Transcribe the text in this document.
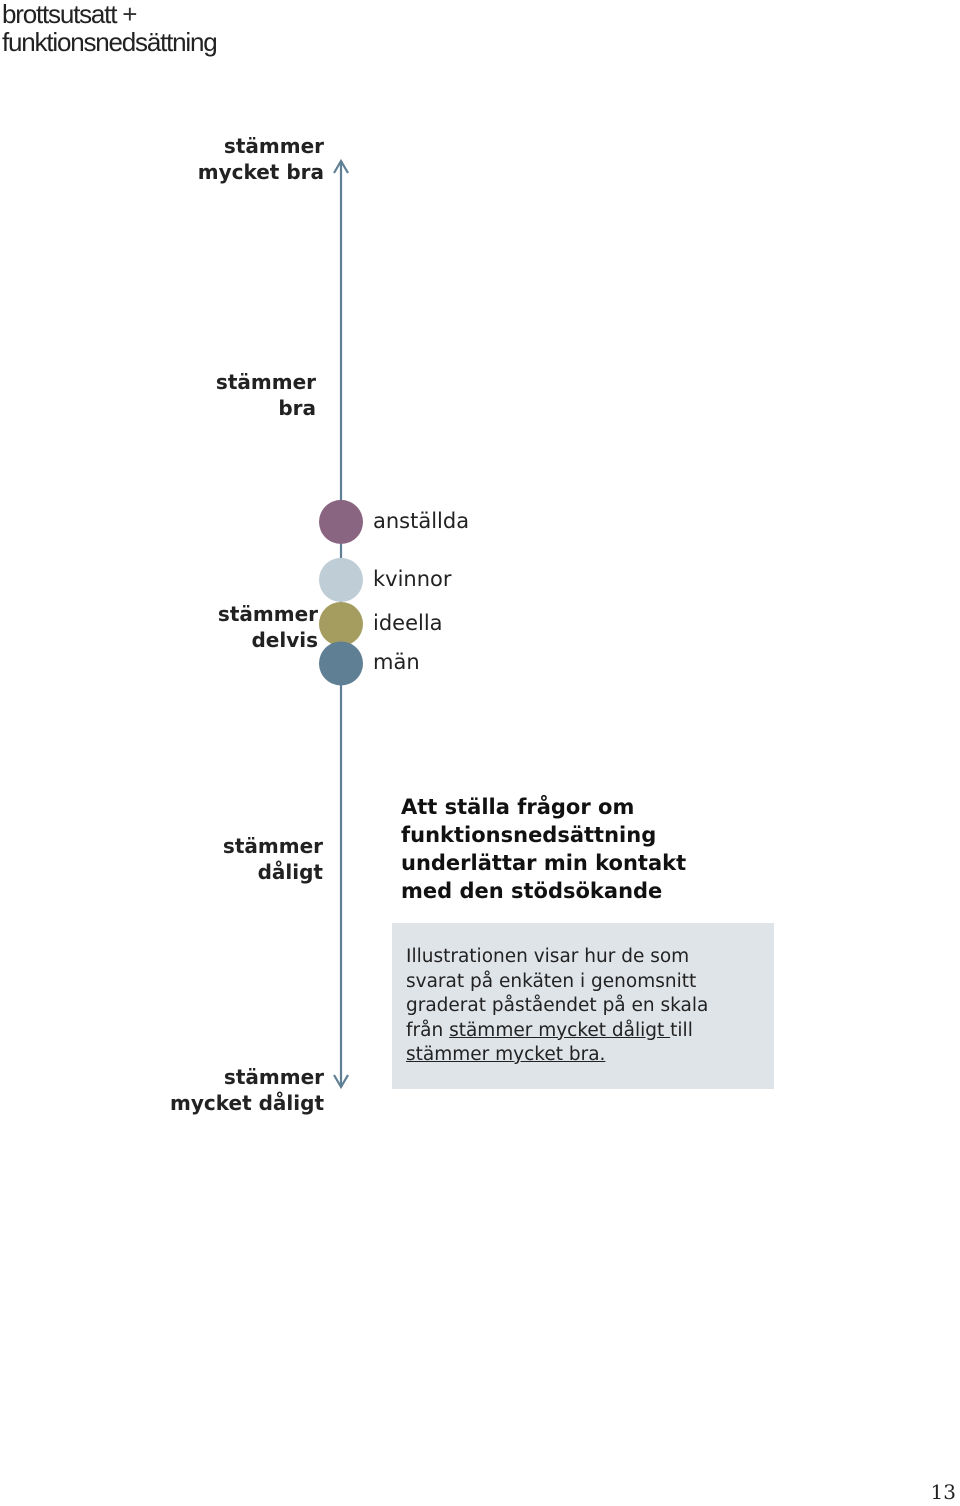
brottsutsatt +
funktionsnedsättning
stämmer
mycket bra
stämmer
bra
stämmer
delvis
stämmer
dåligt
stämmer
mycket dåligt
anställda
kvinnor
ideella
män
Att ställa frågor om
funktionsnedsättning
underlättar min kontakt
med den stödsökande
Illustrationen visar hur de som
svarat på enkäten i genomsnitt
graderat påståendet på en skala
från stämmer mycket dåligt till
stämmer mycket bra.
13
